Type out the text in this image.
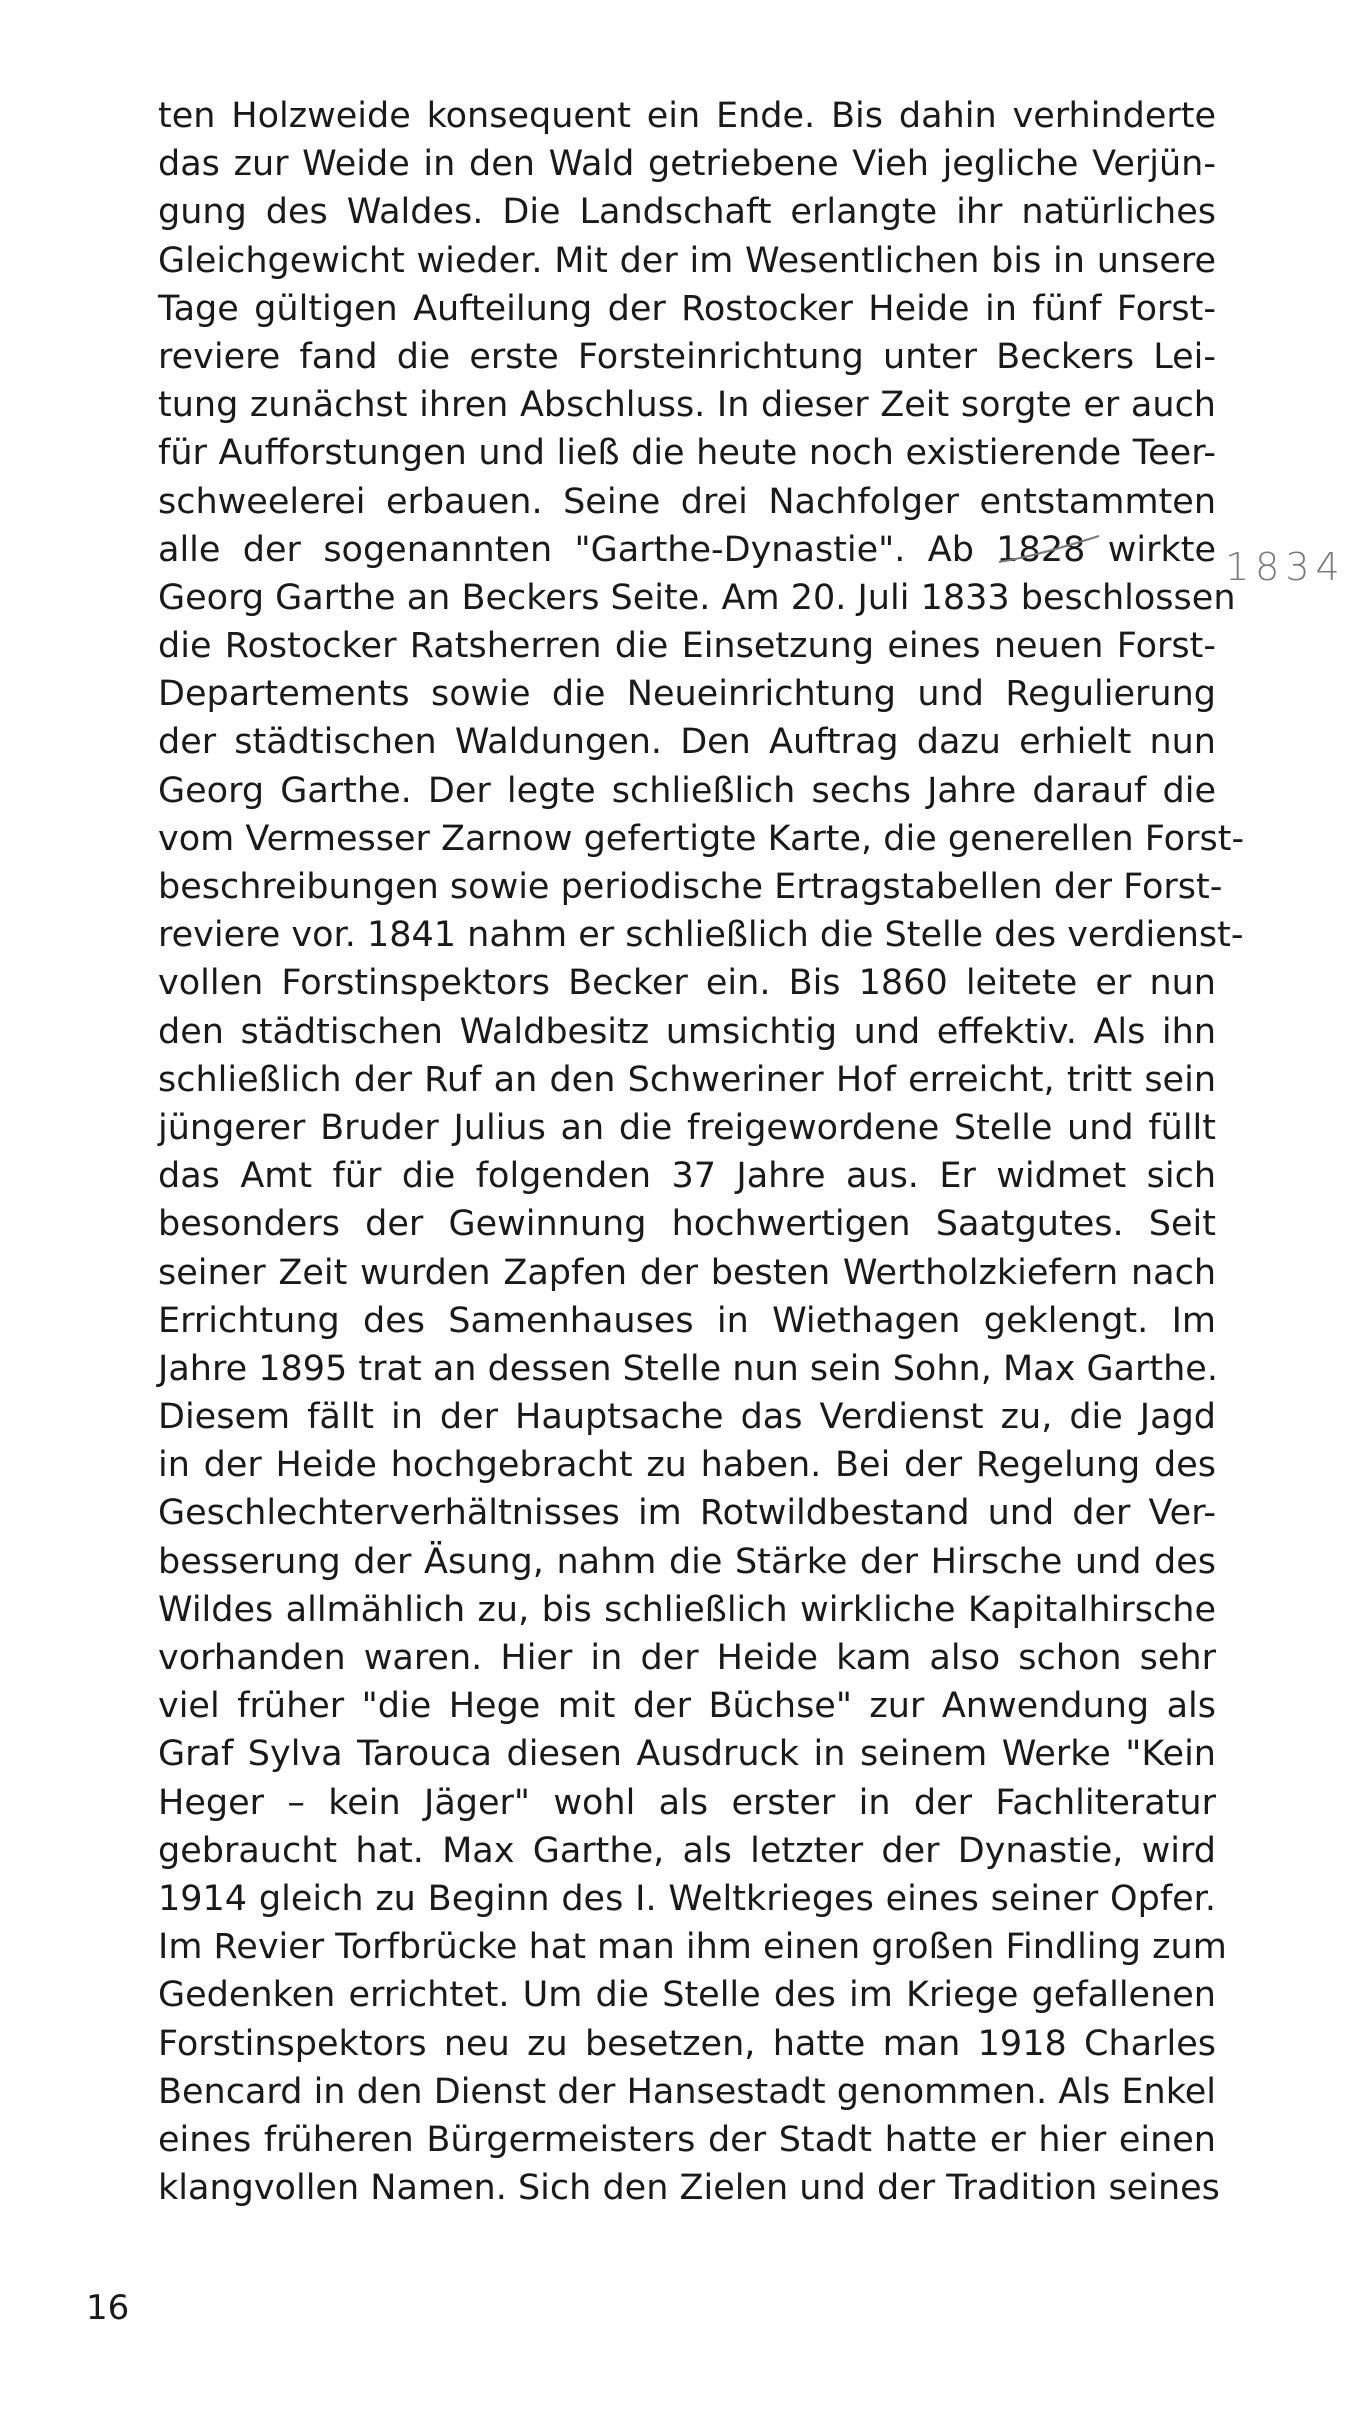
ten Holzweide konsequent ein Ende. Bis dahin verhinderte
das zur Weide in den Wald getriebene Vieh jegliche Verjün-
gung des Waldes. Die Landschaft erlangte ihr natürliches
Gleichgewicht wieder. Mit der im Wesentlichen bis in unsere
Tage gültigen Aufteilung der Rostocker Heide in fünf Forst-
reviere fand die erste Forsteinrichtung unter Beckers Lei-
tung zunächst ihren Abschluss. In dieser Zeit sorgte er auch
für Aufforstungen und ließ die heute noch existierende Teer-
schweelerei erbauen. Seine drei Nachfolger entstammten
alle der sogenannten "Garthe-Dynastie". Ab 1828 wirkte
Georg Garthe an Beckers Seite. Am 20. Juli 1833 beschlossen
die Rostocker Ratsherren die Einsetzung eines neuen Forst-
Departements sowie die Neueinrichtung und Regulierung
der städtischen Waldungen. Den Auftrag dazu erhielt nun
Georg Garthe. Der legte schließlich sechs Jahre darauf die
vom Vermesser Zarnow gefertigte Karte, die generellen Forst-
beschreibungen sowie periodische Ertragstabellen der Forst-
reviere vor. 1841 nahm er schließlich die Stelle des verdienst-
vollen Forstinspektors Becker ein. Bis 1860 leitete er nun
den städtischen Waldbesitz umsichtig und effektiv. Als ihn
schließlich der Ruf an den Schweriner Hof erreicht, tritt sein
jüngerer Bruder Julius an die freigewordene Stelle und füllt
das Amt für die folgenden 37 Jahre aus. Er widmet sich
besonders der Gewinnung hochwertigen Saatgutes. Seit
seiner Zeit wurden Zapfen der besten Wertholzkiefern nach
Errichtung des Samenhauses in Wiethagen geklengt. Im
Jahre 1895 trat an dessen Stelle nun sein Sohn, Max Garthe.
Diesem fällt in der Hauptsache das Verdienst zu, die Jagd
in der Heide hochgebracht zu haben. Bei der Regelung des
Geschlechterverhältnisses im Rotwildbestand und der Ver-
besserung der Äsung, nahm die Stärke der Hirsche und des
Wildes allmählich zu, bis schließlich wirkliche Kapitalhirsche
vorhanden waren. Hier in der Heide kam also schon sehr
viel früher "die Hege mit der Büchse" zur Anwendung als
Graf Sylva Tarouca diesen Ausdruck in seinem Werke "Kein
Heger – kein Jäger" wohl als erster in der Fachliteratur
gebraucht hat. Max Garthe, als letzter der Dynastie, wird
1914 gleich zu Beginn des I. Weltkrieges eines seiner Opfer.
Im Revier Torfbrücke hat man ihm einen großen Findling zum
Gedenken errichtet. Um die Stelle des im Kriege gefallenen
Forstinspektors neu zu besetzen, hatte man 1918 Charles
Bencard in den Dienst der Hansestadt genommen. Als Enkel
eines früheren Bürgermeisters der Stadt hatte er hier einen
klangvollen Namen. Sich den Zielen und der Tradition seines
1834
16
